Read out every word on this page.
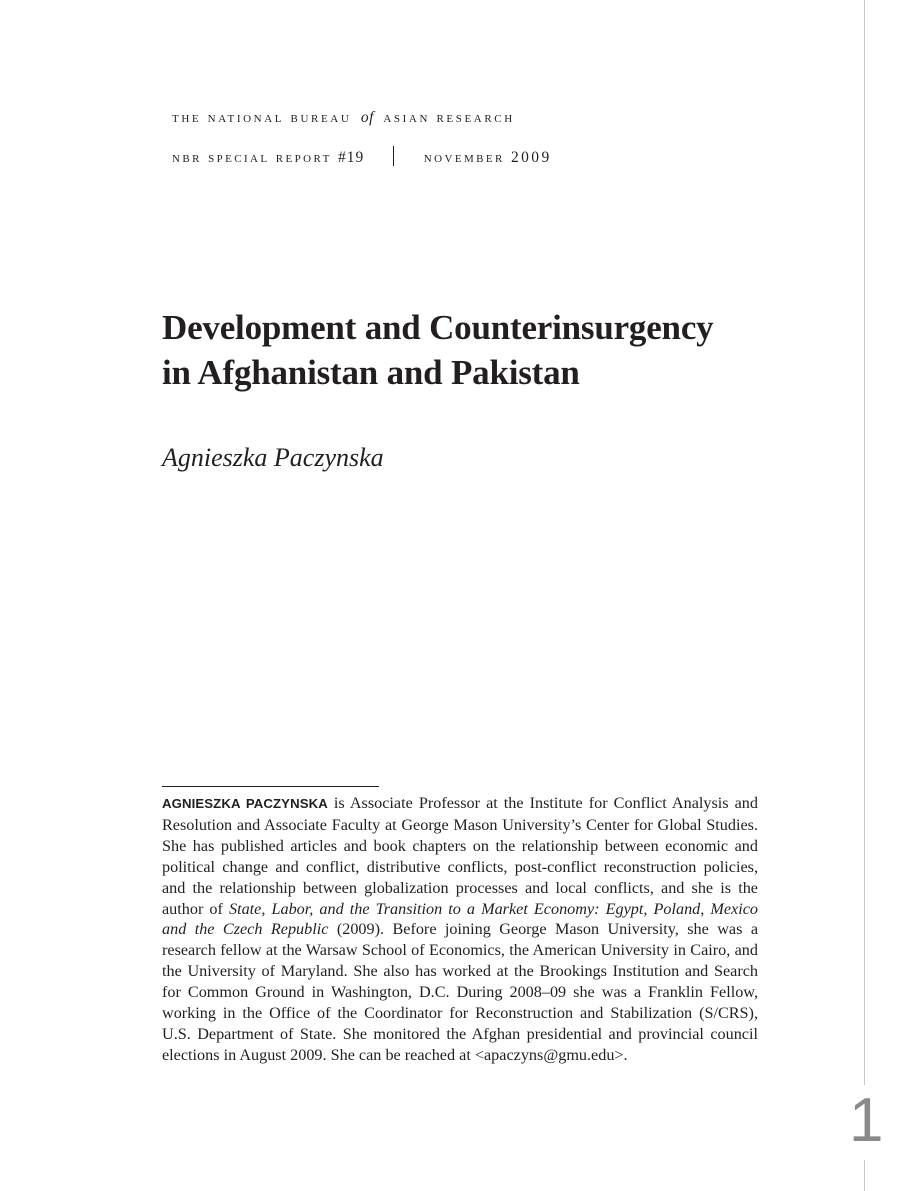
the national bureau of asian research
nbr special report #19	november 2009
Development and Counterinsurgency
in Afghanistan and Pakistan
Agnieszka Paczynska

AGNIESZKA PACZYNSKA is Associate Professor at the Institute for Conflict Analysis and Resolution and Associate Faculty at George Mason University’s Center for Global Studies. She has published articles and book chapters on the relationship between economic and political change and conflict, distributive conflicts, post-conflict reconstruction policies, and the relationship between globalization processes and local conflicts, and she is the author of State, Labor, and the Transition to a Market Economy: Egypt, Poland, Mexico and the Czech Republic (2009). Before joining George Mason University, she was a research fellow at the Warsaw School of Economics, the American University in Cairo, and the University of Maryland. She also has worked at the Brookings Institution and Search for Common Ground in Washington, D.C. During 2008–09 she was a Franklin Fellow, working in the Office of the Coordinator for Reconstruction and Stabilization (S/CRS), U.S. Department of State. She monitored the Afghan presidential and provincial council elections in August 2009. She can be reached at <apaczyns@gmu.edu>.

1
